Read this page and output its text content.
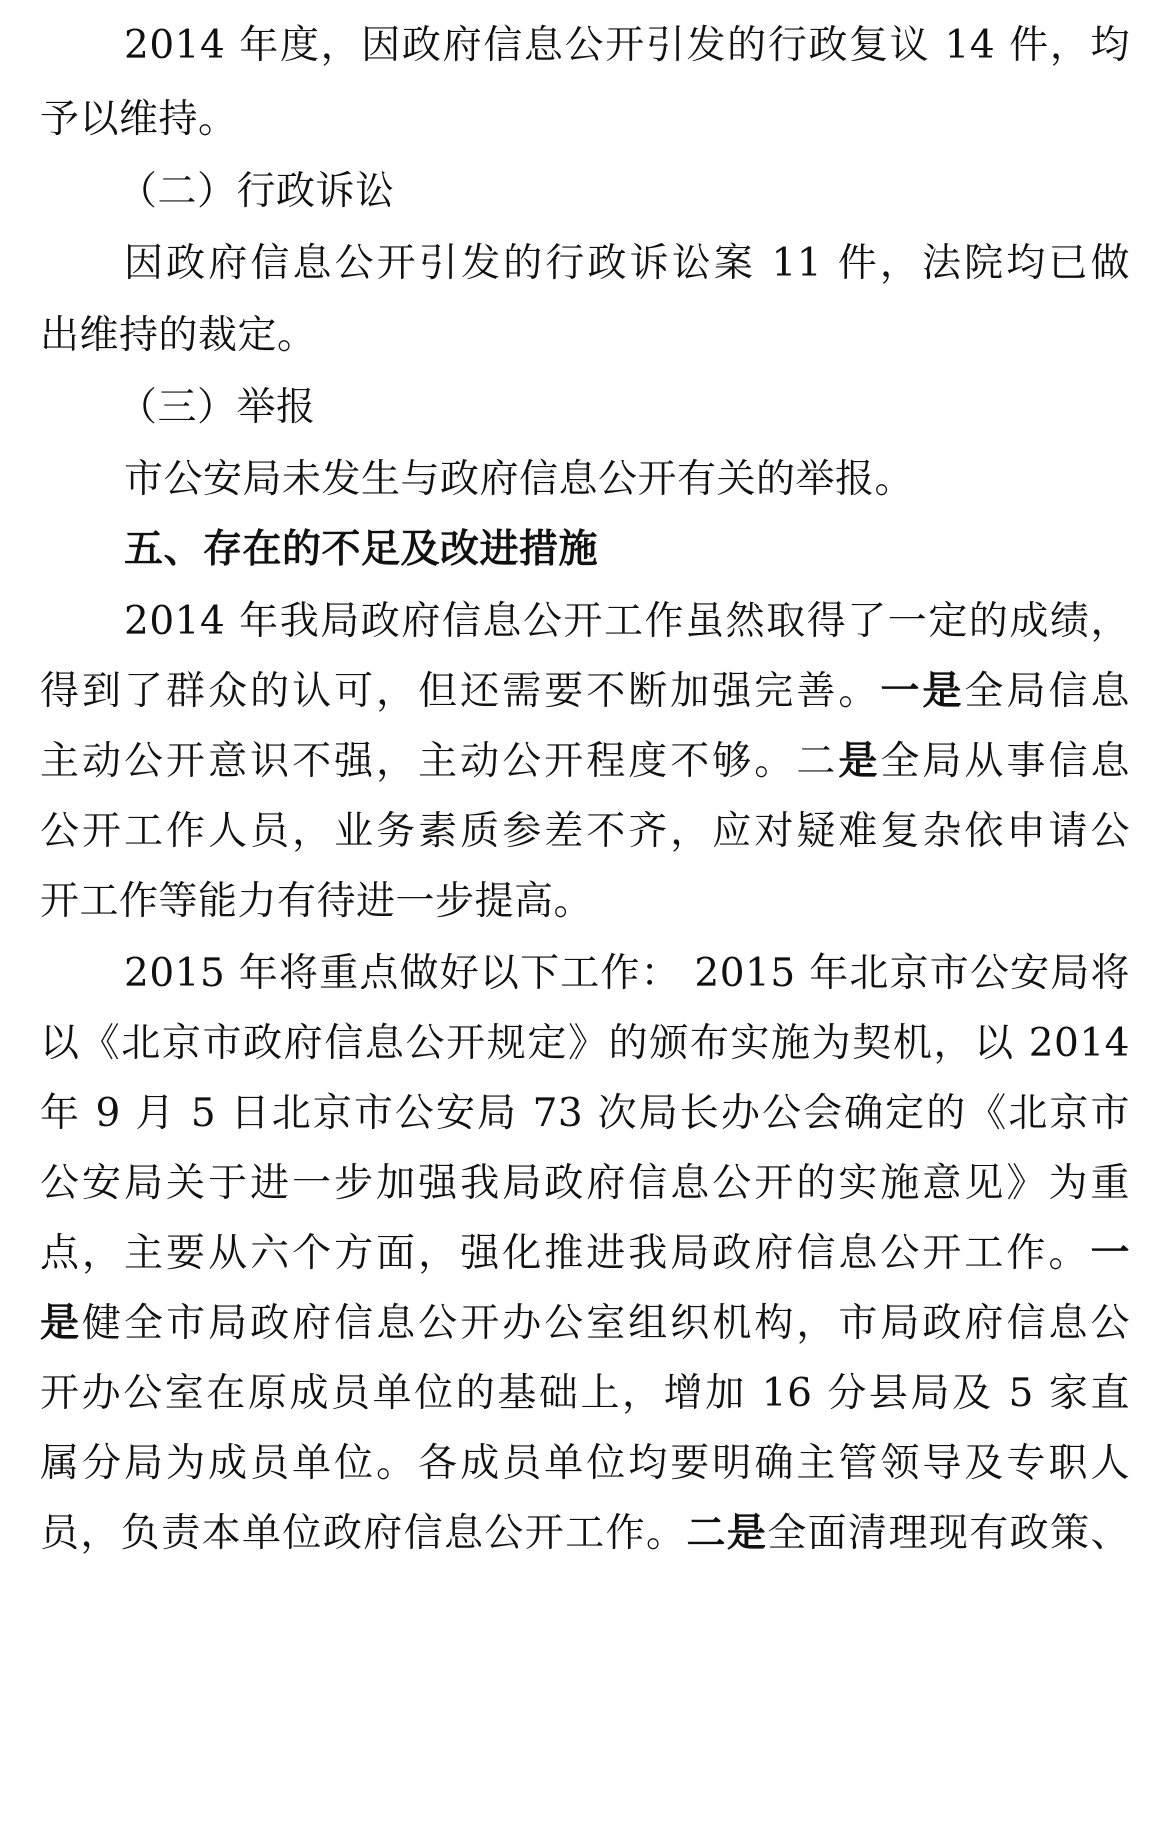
2014 年度，因政府信息公开引发的行政复议 14 件，均
予以维持。
（二）行政诉讼
因政府信息公开引发的行政诉讼案 11 件，法院均已做
出维持的裁定。
（三）举报
市公安局未发生与政府信息公开有关的举报。
五、存在的不足及改进措施
2014 年我局政府信息公开工作虽然取得了一定的成绩，
得到了群众的认可，但还需要不断加强完善。一是全局信息
主动公开意识不强，主动公开程度不够。二是全局从事信息
公开工作人员，业务素质参差不齐，应对疑难复杂依申请公
开工作等能力有待进一步提高。
2015 年将重点做好以下工作： 2015 年北京市公安局将
以《北京市政府信息公开规定》的颁布实施为契机，以 2014
年 9 月 5 日北京市公安局 73 次局长办公会确定的《北京市
公安局关于进一步加强我局政府信息公开的实施意见》为重
点，主要从六个方面，强化推进我局政府信息公开工作。一
是健全市局政府信息公开办公室组织机构，市局政府信息公
开办公室在原成员单位的基础上，增加 16 分县局及 5 家直
属分局为成员单位。各成员单位均要明确主管领导及专职人
员，负责本单位政府信息公开工作。二是全面清理现有政策、
